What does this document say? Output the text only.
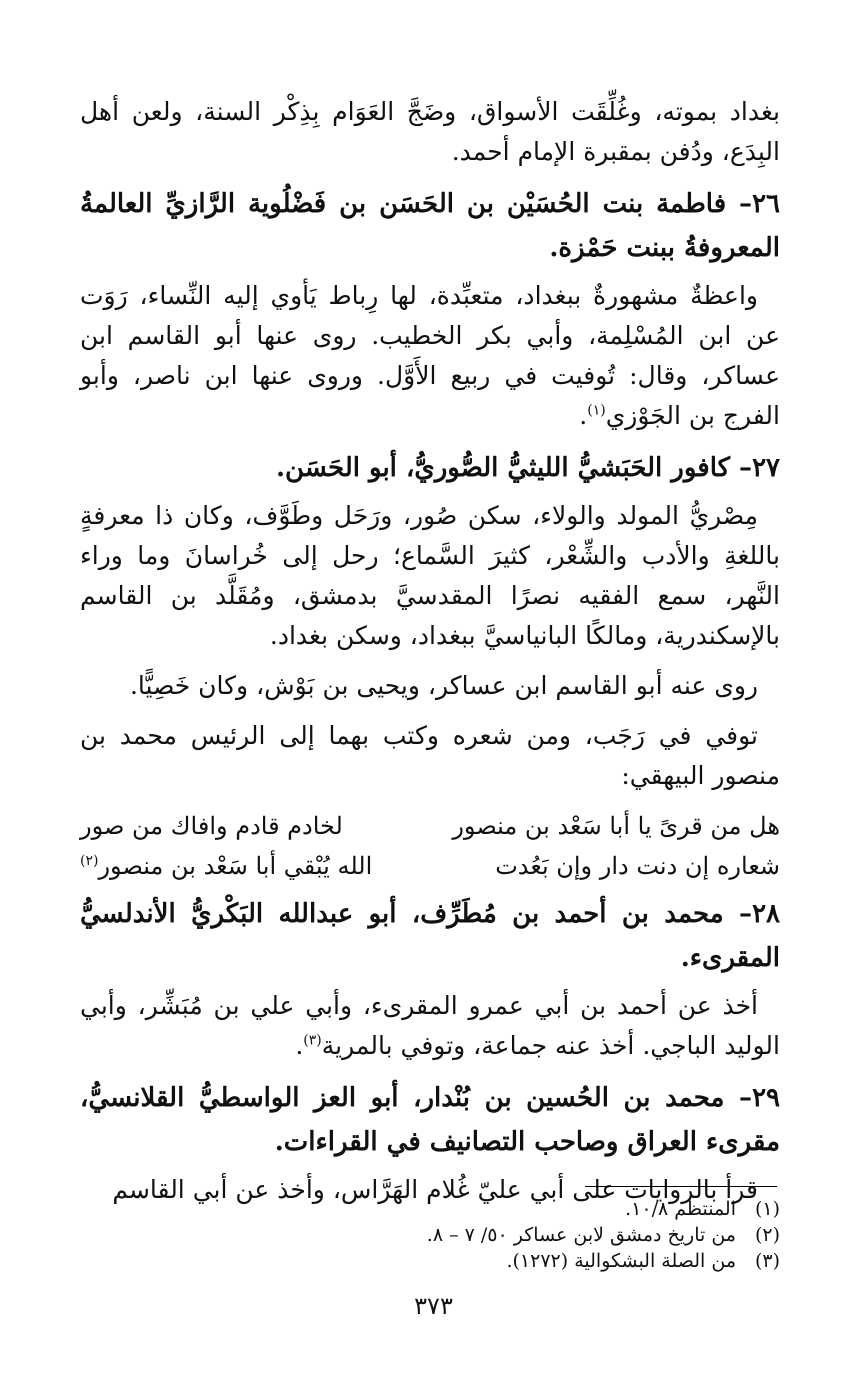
بغداد بموته، وغُلِّقَت الأسواق، وضَجَّ العَوَام بِذِكْر السنة، ولعن أهل البِدَع، ودُفن بمقبرة الإمام أحمد.

٢٦– فاطمة بنت الحُسَيْن بن الحَسَن بن فَضْلُوية الرَّازيِّ العالمةُ المعروفةُ ببنت حَمْزة.

واعظةٌ مشهورةٌ ببغداد، متعبِّدة، لها رِباط يَأوي إليه النِّساء، رَوَت عن ابن المُسْلِمة، وأبي بكر الخطيب. روى عنها أبو القاسم ابن عساكر، وقال: تُوفيت في ربيع الأَوَّل. وروى عنها ابن ناصر، وأبو الفرج بن الجَوْزي$^{(١)}$.

٢٧– كافور الحَبَشيُّ الليثيُّ الصُّوريُّ، أبو الحَسَن.

مِصْريُّ المولد والولاء، سكن صُور، ورَحَل وطَوَّف، وكان ذا معرفةٍ باللغةِ والأدب والشِّعْر، كثيرَ السَّماع؛ رحل إلى خُراسانَ وما وراء النَّهر، سمع الفقيه نصرًا المقدسيَّ بدمشق، ومُقَلَّد بن القاسم بالإسكندرية، ومالكًا البانياسيَّ ببغداد، وسكن بغداد.

روى عنه أبو القاسم ابن عساكر، ويحيى بن بَوْش، وكان خَصِيًّا.

توفي في رَجَب، ومن شعره وكتب بهما إلى الرئيس محمد بن منصور البيهقي:

هل من قرىً يا أبا سَعْد بن منصور
لخادم قادم وافاك من صور
شعاره إن دنت دار وإن بَعُدت
الله يُبْقي أبا سَعْد بن منصور$^{(٢)}$

٢٨– محمد بن أحمد بن مُطَرِّف، أبو عبدالله البَكْريُّ الأندلسيُّ المقرىء.

أخذ عن أحمد بن أبي عمرو المقرىء، وأبي علي بن مُبَشِّر، وأبي الوليد الباجي. أخذ عنه جماعة، وتوفي بالمرية$^{(٣)}$.

٢٩– محمد بن الحُسين بن بُنْدار، أبو العز الواسطيُّ القلانسيُّ، مقرىء العراق وصاحب التصانيف في القراءات.

قرأ بالروايات على أبي عليّ غُلام الهَرَّاس، وأخذ عن أبي القاسم

(١)المنتظم ١٠/٨.

(٢)من تاريخ دمشق لابن عساكر ٥٠/ ٧ – ٨.

(٣)من الصلة البشكوالية (١٢٧٢).

٣٧٣
